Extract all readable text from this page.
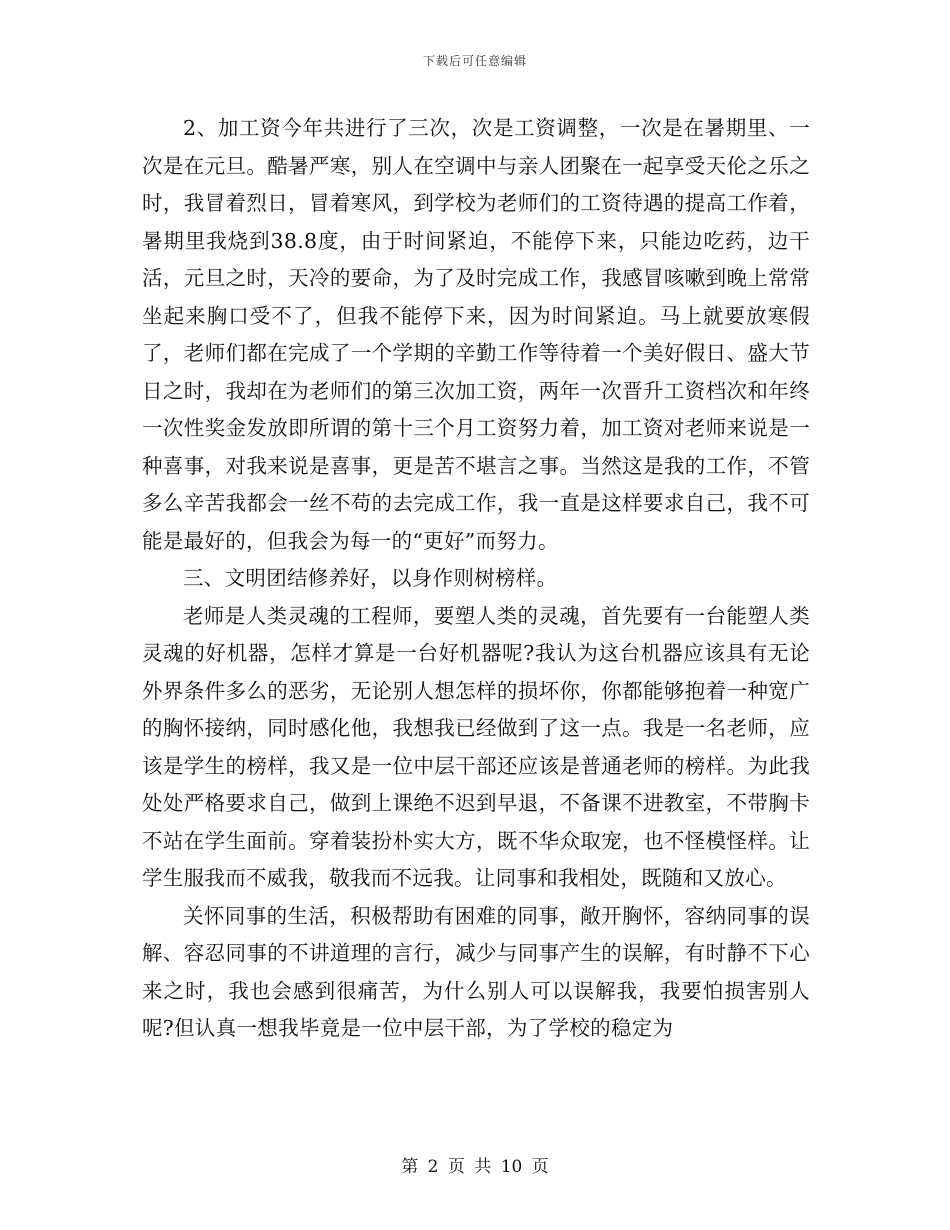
下载后可任意编辑

2、加工资今年共进行了三次，次是工资调整，一次是在暑期里、一次是在元旦。酷暑严寒，别人在空调中与亲人团聚在一起享受天伦之乐之时，我冒着烈日，冒着寒风，到学校为老师们的工资待遇的提高工作着，暑期里我烧到38.8度，由于时间紧迫，不能停下来，只能边吃药，边干活，元旦之时，天冷的要命，为了及时完成工作，我感冒咳嗽到晚上常常坐起来胸口受不了，但我不能停下来，因为时间紧迫。马上就要放寒假了，老师们都在完成了一个学期的辛勤工作等待着一个美好假日、盛大节日之时，我却在为老师们的第三次加工资，两年一次晋升工资档次和年终一次性奖金发放即所谓的第十三个月工资努力着，加工资对老师来说是一种喜事，对我来说是喜事，更是苦不堪言之事。当然这是我的工作，不管多么辛苦我都会一丝不苟的去完成工作，我一直是这样要求自己，我不可能是最好的，但我会为每一的“更好”而努力。

三、文明团结修养好，以身作则树榜样。

老师是人类灵魂的工程师，要塑人类的灵魂，首先要有一台能塑人类灵魂的好机器，怎样才算是一台好机器呢?我认为这台机器应该具有无论外界条件多么的恶劣，无论别人想怎样的损坏你，你都能够抱着一种宽广的胸怀接纳，同时感化他，我想我已经做到了这一点。我是一名老师，应该是学生的榜样，我又是一位中层干部还应该是普通老师的榜样。为此我处处严格要求自己，做到上课绝不迟到早退，不备课不进教室，不带胸卡不站在学生面前。穿着装扮朴实大方，既不华众取宠，也不怪模怪样。让学生服我而不威我，敬我而不远我。让同事和我相处，既随和又放心。

关怀同事的生活，积极帮助有困难的同事，敞开胸怀，容纳同事的误解、容忍同事的不讲道理的言行，减少与同事产生的误解，有时静不下心来之时，我也会感到很痛苦，为什么别人可以误解我，我要怕损害别人呢?但认真一想我毕竟是一位中层干部，为了学校的稳定为

第 2 页 共 10 页
